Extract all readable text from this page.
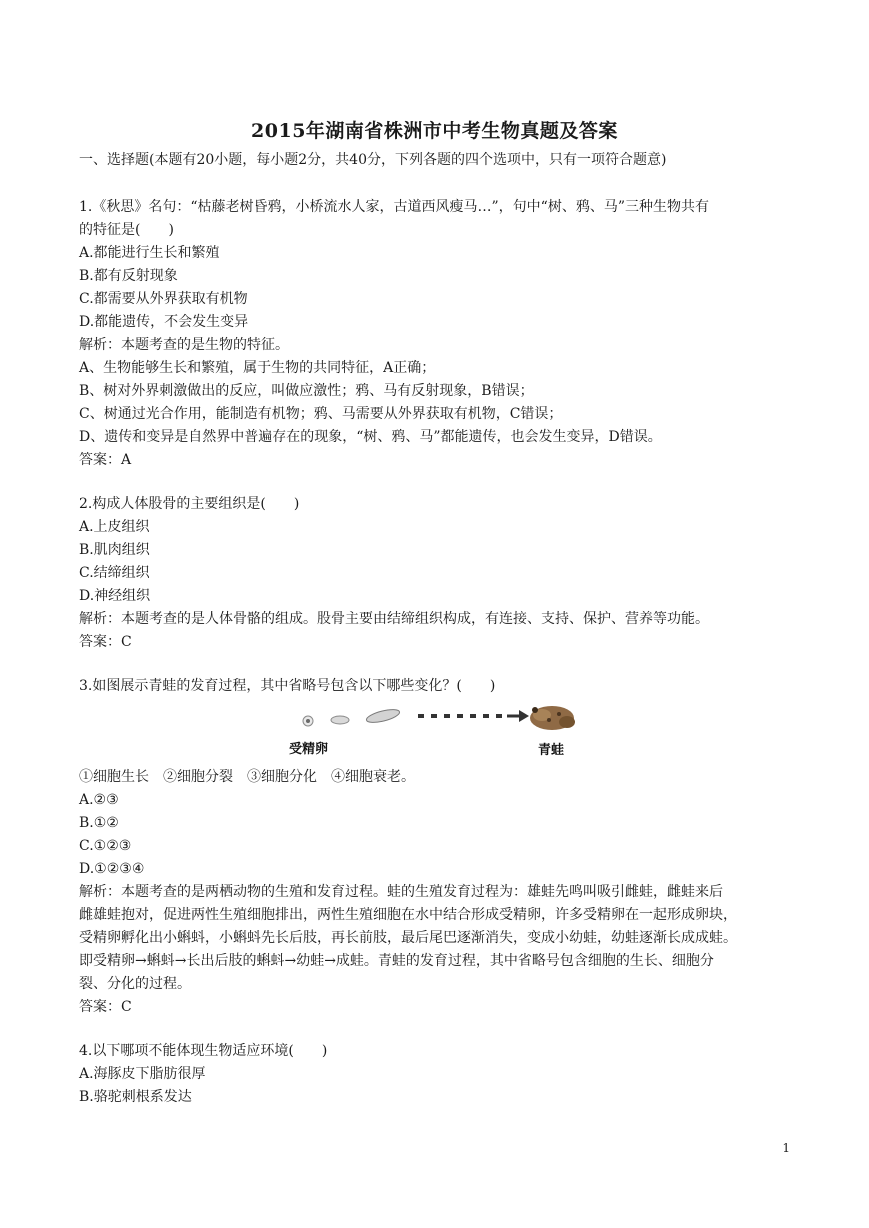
2015年湖南省株洲市中考生物真题及答案
一、选择题(本题有20小题，每小题2分，共40分，下列各题的四个选项中，只有一项符合题意)
1.《秋思》名句：“枯藤老树昏鸦，小桥流水人家，古道西风瘦马…”，句中“树、鸦、马”三种生物共有
的特征是(　　)
A.都能进行生长和繁殖
B.都有反射现象
C.都需要从外界获取有机物
D.都能遗传，不会发生变异
解析：本题考查的是生物的特征。
A、生物能够生长和繁殖，属于生物的共同特征，A正确；
B、树对外界刺激做出的反应，叫做应激性；鸦、马有反射现象，B错误；
C、树通过光合作用，能制造有机物；鸦、马需要从外界获取有机物，C错误；
D、遗传和变异是自然界中普遍存在的现象，“树、鸦、马”都能遗传，也会发生变异，D错误。
答案：A
2.构成人体股骨的主要组织是(　　)
A.上皮组织
B.肌肉组织
C.结缔组织
D.神经组织
解析：本题考查的是人体骨骼的组成。股骨主要由结缔组织构成，有连接、支持、保护、营养等功能。
答案：C
3.如图展示青蛙的发育过程，其中省略号包含以下哪些变化？(　　)
受精卵	青蛙
①细胞生长　②细胞分裂　③细胞分化　④细胞衰老。
A.②③
B.①②
C.①②③
D.①②③④
解析：本题考查的是两栖动物的生殖和发育过程。蛙的生殖发育过程为：雄蛙先鸣叫吸引雌蛙，雌蛙来后
雌雄蛙抱对，促进两性生殖细胞排出，两性生殖细胞在水中结合形成受精卵，许多受精卵在一起形成卵块，
受精卵孵化出小蝌蚪，小蝌蚪先长后肢，再长前肢，最后尾巴逐渐消失，变成小幼蛙，幼蛙逐渐长成成蛙。
即受精卵→蝌蚪→长出后肢的蝌蚪→幼蛙→成蛙。青蛙的发育过程，其中省略号包含细胞的生长、细胞分
裂、分化的过程。
答案：C
4.以下哪项不能体现生物适应环境(　　)
A.海豚皮下脂肪很厚
B.骆驼刺根系发达
1
